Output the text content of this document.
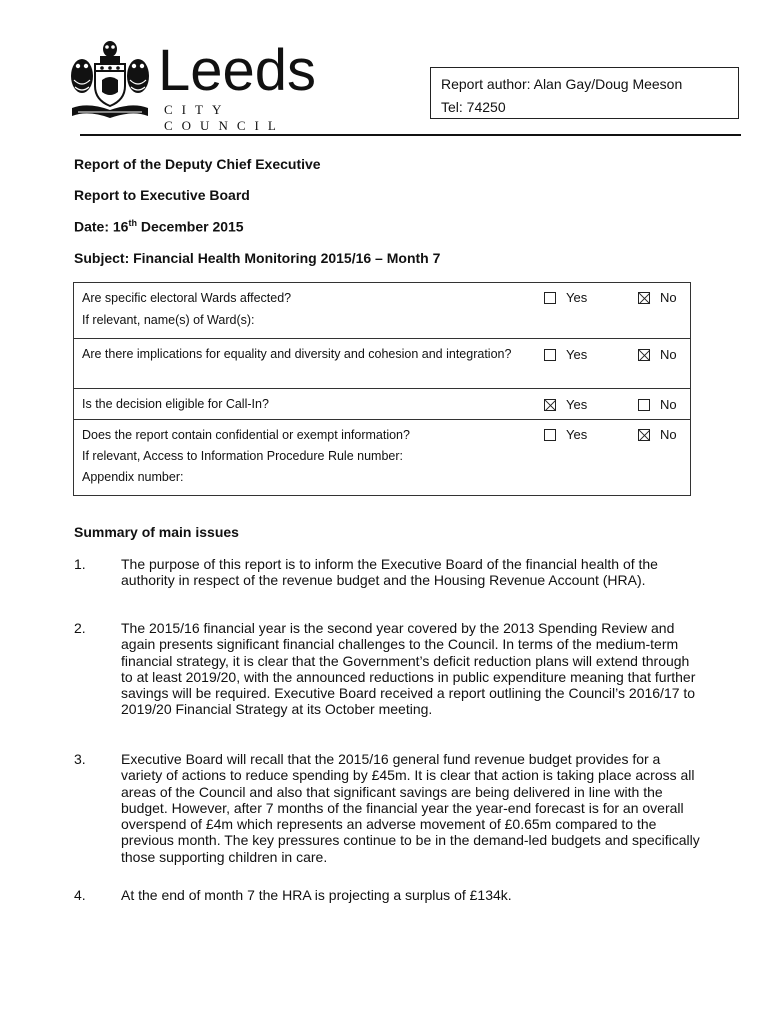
Leeds
CITY COUNCIL
Report author: Alan Gay/Doug Meeson
Tel: 74250
Report of the Deputy Chief Executive
Report to Executive Board
Date: 16th December 2015
Subject: Financial Health Monitoring 2015/16 – Month 7
Are specific electoral Wards affected?
If relevant, name(s) of Ward(s):
Yes	No
Are there implications for equality and diversity and cohesion and integration?	Yes	No
Is the decision eligible for Call-In?	Yes	No
Does the report contain confidential or exempt information?
If relevant, Access to Information Procedure Rule number:
Appendix number:
Yes	No
Summary of main issues
1.	The purpose of this report is to inform the Executive Board of the financial health of the authority in respect of the revenue budget and the Housing Revenue Account (HRA).
2.	The 2015/16 financial year is the second year covered by the 2013 Spending Review and again presents significant financial challenges to the Council. In terms of the medium-term financial strategy, it is clear that the Government’s deficit reduction plans will extend through to at least 2019/20, with the announced reductions in public expenditure meaning that further savings will be required. Executive Board received a report outlining the Council’s 2016/17 to 2019/20 Financial Strategy at its October meeting.
3.	Executive Board will recall that the 2015/16 general fund revenue budget provides for a variety of actions to reduce spending by £45m. It is clear that action is taking place across all areas of the Council and also that significant savings are being delivered in line with the budget. However, after 7 months of the financial year the year-end forecast is for an overall overspend of £4m which represents an adverse movement of £0.65m compared to the previous month. The key pressures continue to be in the demand-led budgets and specifically those supporting children in care.
4.	At the end of month 7 the HRA is projecting a surplus of £134k.
